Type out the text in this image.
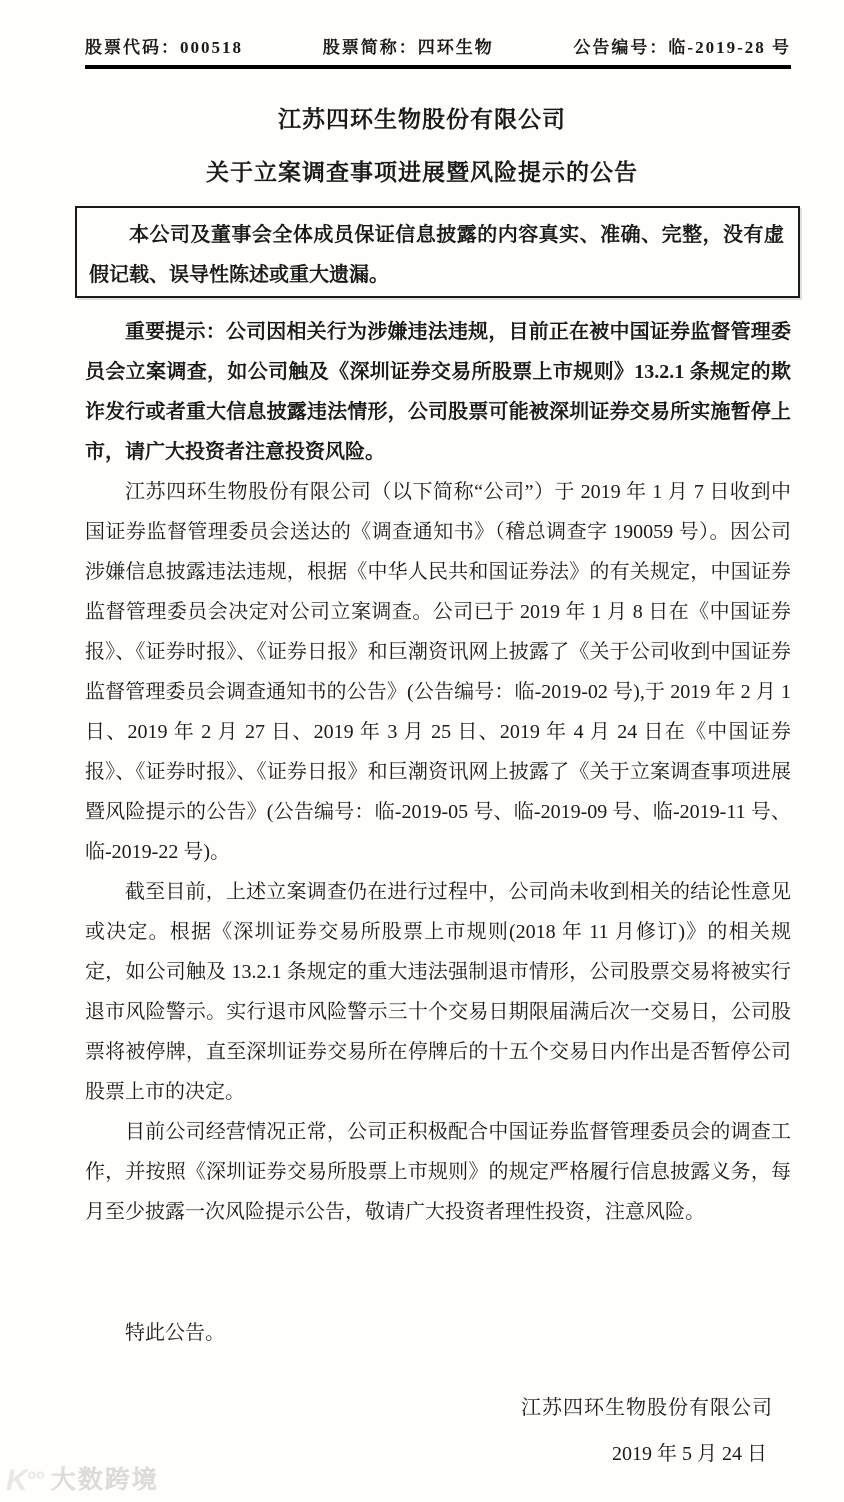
股票代码：000518	股票简称：四环生物	公告编号：临-2019-28 号
江苏四环生物股份有限公司
关于立案调查事项进展暨风险提示的公告

本公司及董事会全体成员保证信息披露的内容真实、准确、完整，没有虚假记载、误导性陈述或重大遗漏。

重要提示：公司因相关行为涉嫌违法违规，目前正在被中国证券监督管理委员会立案调查，如公司触及《深圳证券交易所股票上市规则》13.2.1 条规定的欺诈发行或者重大信息披露违法情形，公司股票可能被深圳证券交易所实施暂停上市，请广大投资者注意投资风险。

江苏四环生物股份有限公司（以下简称“公司”）于 2019 年 1 月 7 日收到中国证券监督管理委员会送达的《调查通知书》（稽总调查字 190059 号）。因公司涉嫌信息披露违法违规，根据《中华人民共和国证券法》的有关规定，中国证券监督管理委员会决定对公司立案调查。公司已于 2019 年 1 月 8 日在《中国证券报》、《证券时报》、《证券日报》和巨潮资讯网上披露了《关于公司收到中国证券监督管理委员会调查通知书的公告》(公告编号：临-2019-02 号),于 2019 年 2 月 1 日、2019 年 2 月 27 日、2019 年 3 月 25 日、2019 年 4 月 24 日在《中国证券报》、《证券时报》、《证券日报》和巨潮资讯网上披露了《关于立案调查事项进展暨风险提示的公告》(公告编号：临-2019-05 号、临-2019-09 号、临-2019-11 号、临-2019-22 号)。

截至目前，上述立案调查仍在进行过程中，公司尚未收到相关的结论性意见或决定。根据《深圳证券交易所股票上市规则(2018 年 11 月修订)》的相关规定，如公司触及 13.2.1 条规定的重大违法强制退市情形，公司股票交易将被实行退市风险警示。实行退市风险警示三十个交易日期限届满后次一交易日，公司股票将被停牌，直至深圳证券交易所在停牌后的十五个交易日内作出是否暂停公司股票上市的决定。

目前公司经营情况正常，公司正积极配合中国证券监督管理委员会的调查工作，并按照《深圳证券交易所股票上市规则》的规定严格履行信息披露义务，每月至少披露一次风险提示公告，敬请广大投资者理性投资，注意风险。

特此公告。
江苏四环生物股份有限公司
2019 年 5 月 24 日
$K^{oo}$ 大数跨境
